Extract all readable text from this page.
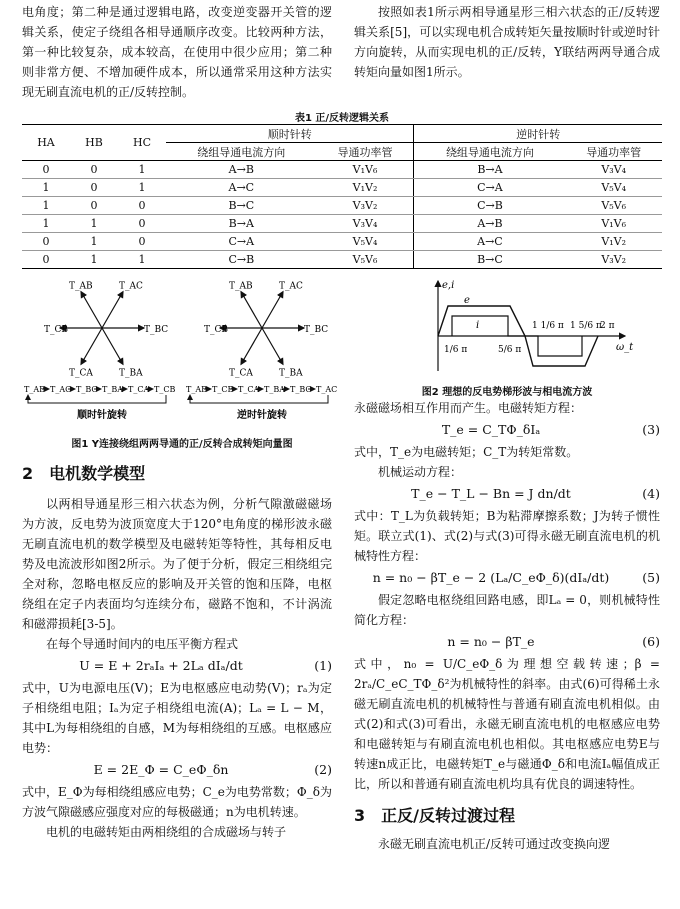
电角度；第二种是通过逻辑电路，改变逆变器开关管的逻辑关系，使定子绕组各相导通顺序改变。比较两种方法，第一种比较复杂，成本较高，在使用中很少应用；第二种则非常方便、不增加硬件成本，所以通常采用这种方法实现无刷直流电机的正/反转控制。

按照如表1所示两相导通星形三相六状态的正/反转逻辑关系[5]，可以实现电机合成转矩矢量按顺时针或逆时针方向旋转，从而实现电机的正/反转，Y联结两两导通合成转矩向量如图1所示。

表1 正/反转逻辑关系
HA	HB	HC	顺时针转		逆时针转	
			绕组导通电流方向	导通功率管	绕组导通电流方向	导通功率管
0	0	1	A→B	V₁V₆	B→A	V₃V₄
1	0	1	A→C	V₁V₂	C→A	V₅V₄
1	0	0	B→C	V₃V₂	C→B	V₅V₆
1	1	0	B→A	V₃V₄	A→B	V₁V₆
0	1	0	C→A	V₅V₄	A→C	V₁V₂
0	1	1	C→B	V₅V₆	B→C	V₃V₂
T_AB	T_AC
T_BC
T_BA
T_CA
T_CB
T_AB	T_AC
T_BC
T_BA
T_CA
T_CB
T_AB T_AC T_BC T_BA T_CA T_CB T_AB T_CB T_CA T_BA T_BC T_AC
顺时针旋转	逆时针旋转
图1 Y连接绕组两两导通的正/反转合成转矩向量图
e,i
e
i
ω_t
1/6 π	5/6 π
1 1/6 π 1 5/6 π
2 π
图2 理想的反电势梯形波与相电流方波
2 电机数学模型

以两相导通星形三相六状态为例，分析气隙激磁磁场为方波，反电势为波顶宽度大于120°电角度的梯形波永磁无刷直流电机的数学模型及电磁转矩等特性，其每相反电势及电流波形如图2所示。为了便于分析，假定三相绕组完全对称，忽略电枢反应的影响及开关管的饱和压降，电枢绕组在定子内表面均匀连续分布，磁路不饱和，不计涡流和磁滞损耗[3-5]。

在每个导通时间内的电压平衡方程式

U = E + 2rₐIₐ + 2Lₐ dIₐ/dt	(1)

式中，U为电源电压(V)；E为电枢感应电动势(V)；rₐ为定子相绕组电阻；Iₐ为定子相绕组电流(A)；Lₐ = L − M，其中L为每相绕组的自感，M为每相绕组的互感。电枢感应电势：

E = 2E_Φ = C_eΦ_δn	(2)

式中，E_Φ为每相绕组感应电势；C_e为电势常数；Φ_δ为方波气隙磁感应强度对应的每极磁通；n为电机转速。

电机的电磁转矩由两相绕组的合成磁场与转子

永磁磁场相互作用而产生。电磁转矩方程：

T_e = C_TΦ_δIₐ	(3)

式中，T_e为电磁转矩；C_T为转矩常数。

机械运动方程：

T_e − T_L − Bn = J dn/dt	(4)

式中：T_L为负载转矩；B为粘滞摩擦系数；J为转子惯性矩。联立式(1)、式(2)与式(3)可得永磁无刷直流电机的机械特性方程：

n = n₀ − βT_e − 2 (Lₐ/C_eΦ_δ)(dIₐ/dt)	(5)

假定忽略电枢绕组回路电感，即Lₐ = 0，则机械特性简化方程：

n = n₀ − βT_e	(6)

式中，n₀ = U/C_eΦ_δ为理想空载转速；β = 2rₐ/C_eC_TΦ_δ²为机械特性的斜率。由式(6)可得稀土永磁无刷直流电机的机械特性与普通有刷直流电机相似。由式(2)和式(3)可看出，永磁无刷直流电机的电枢感应电势和电磁转矩与有刷直流电机也相似。其电枢感应电势E与转速n成正比，电磁转矩T_e与磁通Φ_δ和电流Iₐ幅值成正比，所以和普通有刷直流电机均具有优良的调速特性。

3 正反/反转过渡过程

永磁无刷直流电机正/反转可通过改变换向逻
